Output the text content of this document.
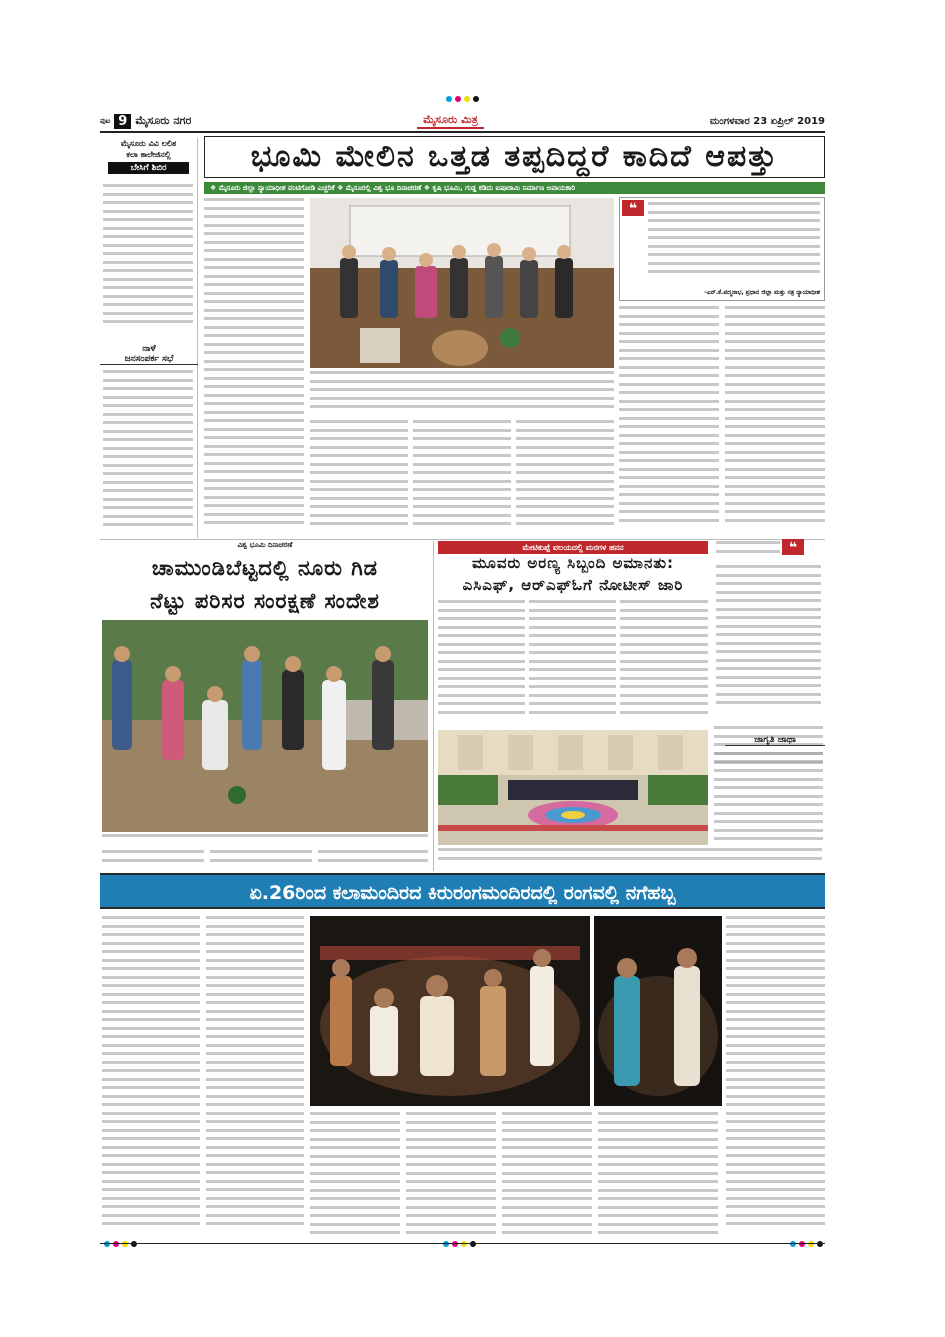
ಪುಟ 9 ಮೈಸೂರು ನಗರ	ಮೈಸೂರು ಮಿತ್ರ	ಮಂಗಳವಾರ 23 ಏಪ್ರಿಲ್ 2019
ಮೈಸೂರು ವಿವಿ ಲಲಿತ
ಕಲಾ ಕಾಲೇಜಿನಲ್ಲಿ
ಬೇಸಿಗೆ ಶಿಬಿರ
ನಾಳೆ
ಜನಸಂಪರ್ಕ ಸಭೆ
ಭೂಮಿ ಮೇಲಿನ ಒತ್ತಡ ತಪ್ಪದಿದ್ದರೆ ಕಾದಿದೆ ಆಪತ್ತು
❖ ಮೈಸೂರು ಜಿಲ್ಲಾ ನ್ಯಾಯಾಧೀಶ ವಂಟಿಗೋಡಿ ಎಚ್ಚರಿಕೆ ❖ ಮೈಸೂರಲ್ಲಿ ವಿಶ್ವ ಭೂ ದಿನಾಚರಣೆ ❖ ಕೃಷಿ ಭೂಮಿ, ಗುಡ್ಡ ಕಡಿದು ಐಷಾರಾಮಿ ನಿರ್ಮಾಣ ಅಪಾಯಕಾರಿ
❝
-ಎನ್.ಕೆ.ಪದ್ಮನಾಭ, ಪ್ರಧಾನ ಜಿಲ್ಲಾ ಮತ್ತು ಸತ್ರ ನ್ಯಾಯಾಧೀಶ
ವಿಶ್ವ ಭೂಮಿ ದಿನಾಚರಣೆ
ಚಾಮುಂಡಿಬೆಟ್ಟದಲ್ಲಿ ನೂರು ಗಿಡ
ನೆಟ್ಟು ಪರಿಸರ ಸಂರಕ್ಷಣೆ ಸಂದೇಶ
ಮೇಟಿಕುಪ್ಪೆ ವಲಯದಲ್ಲಿ ಮರಗಳ ಹನನ
ಮೂವರು ಅರಣ್ಯ ಸಿಬ್ಬಂದಿ ಅಮಾನತು:
ಎಸಿಎಫ್, ಆರ್‌ಎಫ್‌ಓಗೆ ನೋಟೀಸ್ ಜಾರಿ
❝
ಜಾಗೃತಿ ಜಾಥಾ
ಏ.26ರಿಂದ ಕಲಾಮಂದಿರದ ಕಿರುರಂಗಮಂದಿರದಲ್ಲಿ ರಂಗವಲ್ಲಿ ನಗೆಹಬ್ಬ
